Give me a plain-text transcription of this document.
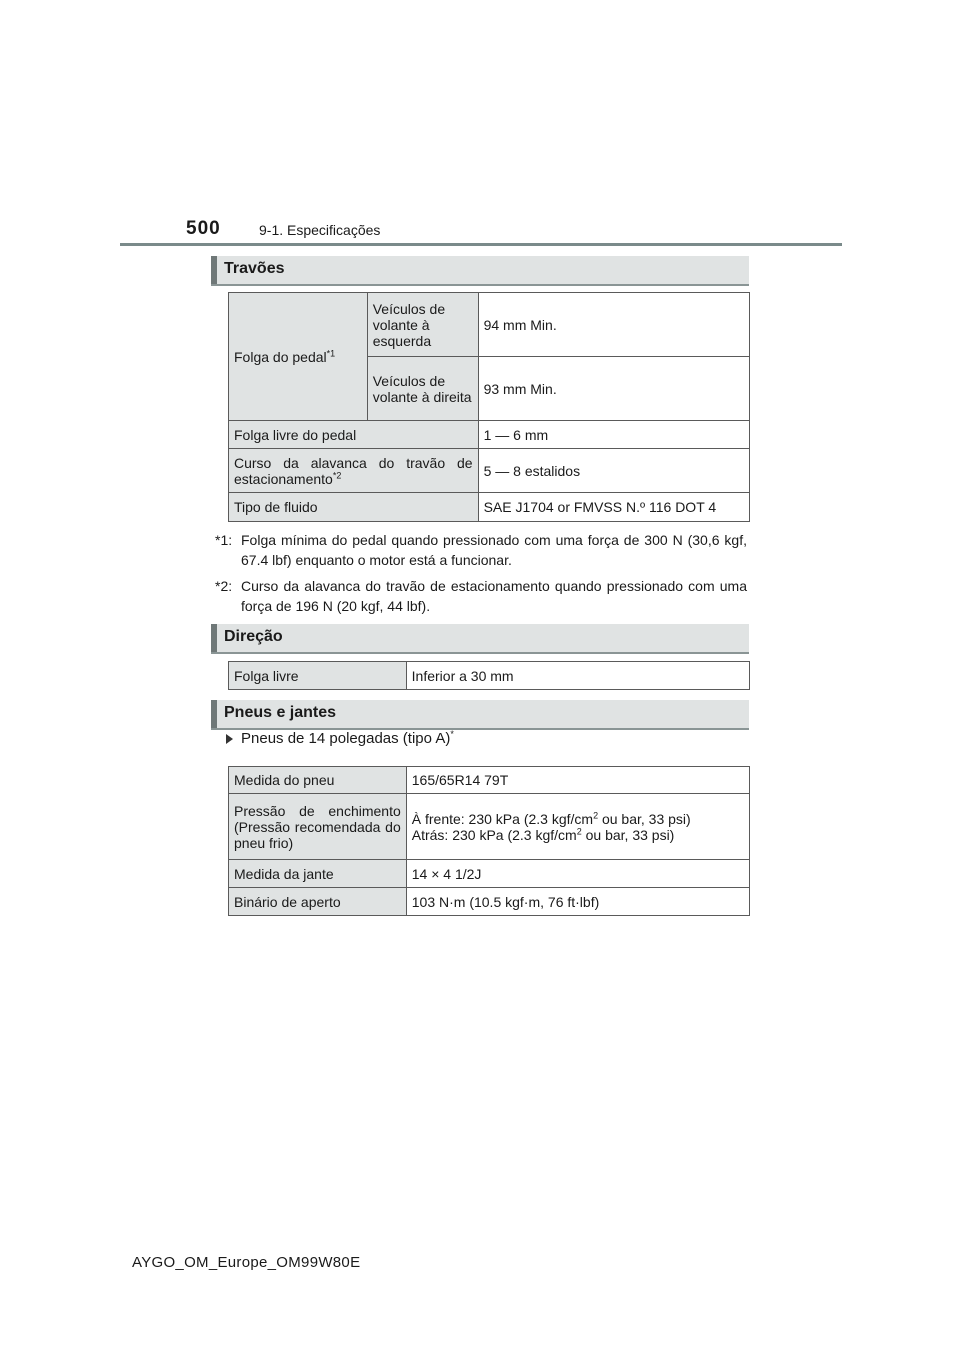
500	9-1. Especificações
Travões
Folga do pedal$^{*1}$	Veículos de volante à esquerda	94 mm Min.
	Veículos de volante à direita	93 mm Min.
Folga livre do pedal		1 — 6 mm
Curso da alavanca do travão de estacionamento$^{*2}$		5 — 8 estalidos
Tipo de fluido		SAE J1704 or FMVSS N.º 116 DOT 4
*1: Folga mínima do pedal quando pressionado com uma força de 300 N (30,6 kgf, 67.4 lbf) enquanto o motor está a funcionar.
*2: Curso da alavanca do travão de estacionamento quando pressionado com uma força de 196 N (20 kgf, 44 lbf).
Direção
Folga livre	Inferior a 30 mm
Pneus e jantes
Pneus de 14 polegadas (tipo A)*
Medida do pneu	165/65R14 79T
Pressão de enchimento (Pressão recomendada do pneu frio)	À frente: 230 kPa (2.3 kgf/$cm^2$ ou bar, 33 psi)
Atrás: 230 kPa (2.3 kgf/$cm^2$ ou bar, 33 psi)

Medida da jante	14 × 4 1/2J
Binário de aperto	103 N·m (10.5 kgf·m, 76 ft·lbf)
AYGO_OM_Europe_OM99W80E
